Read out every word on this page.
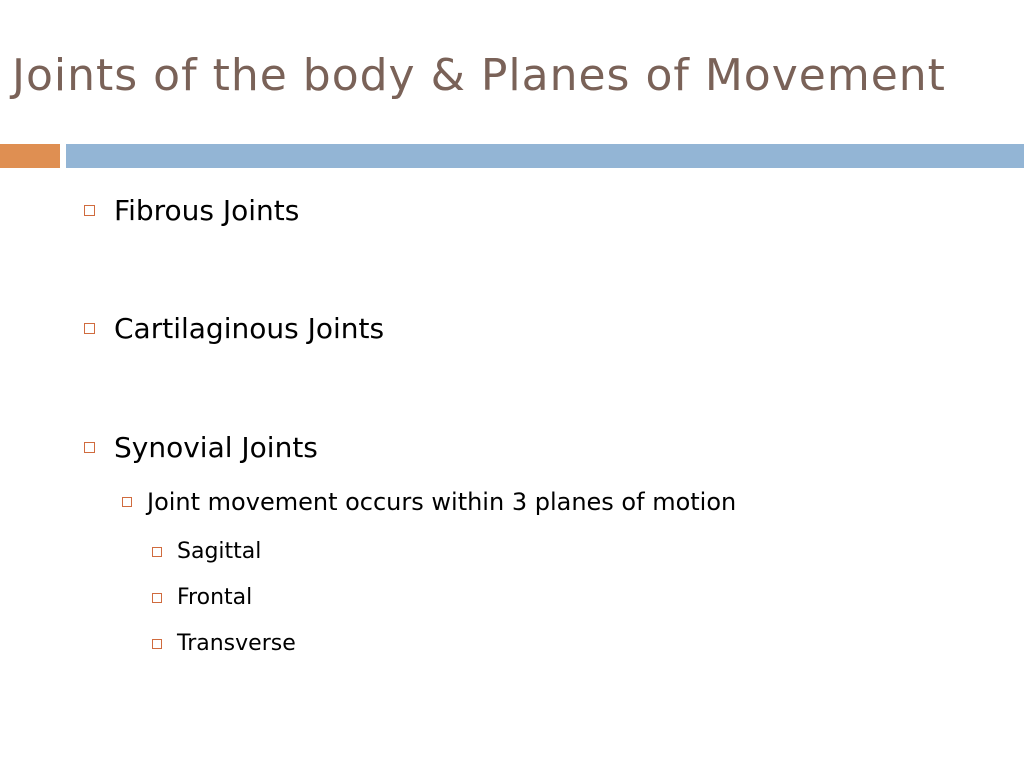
Joints of the body & Planes of Movement
Fibrous Joints
Cartilaginous Joints
Synovial Joints
Joint movement occurs within 3 planes of motion
Sagittal
Frontal
Transverse
